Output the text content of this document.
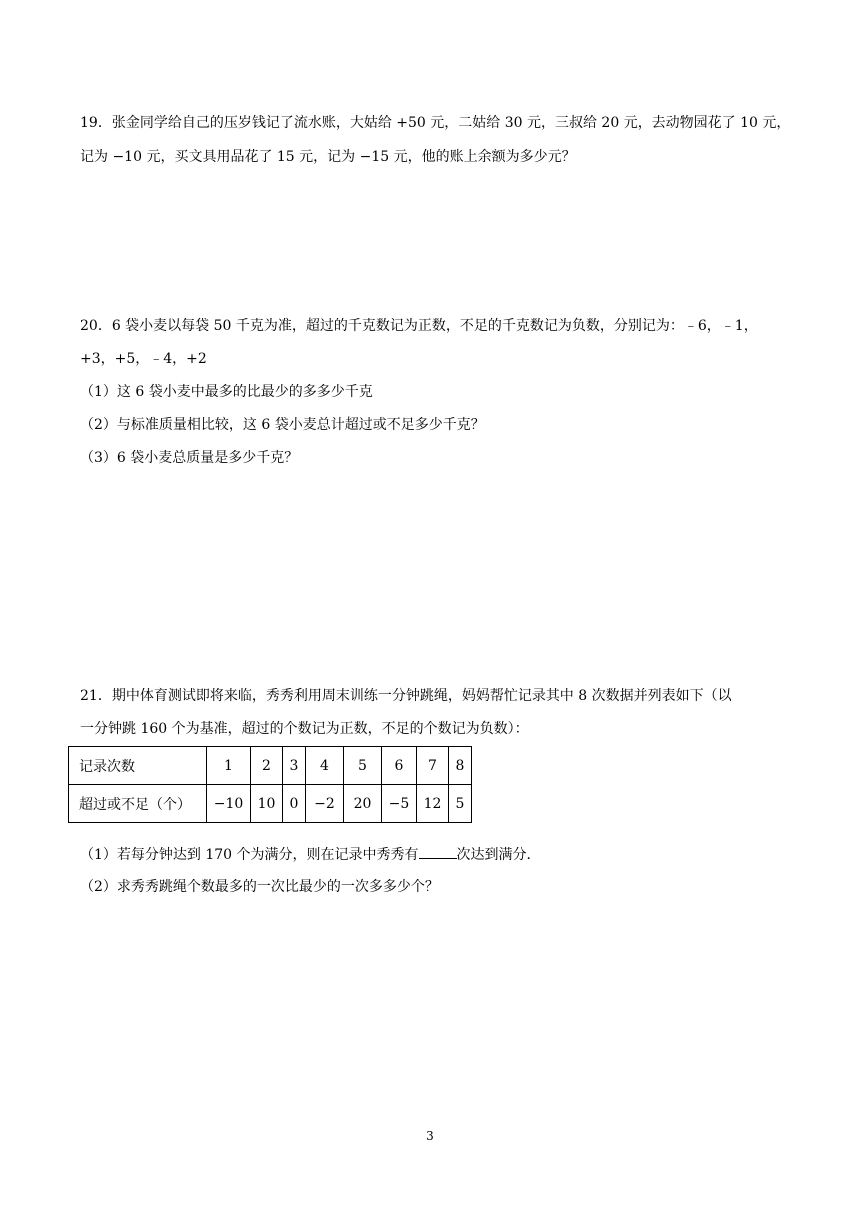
19．张金同学给自己的压岁钱记了流水账，大姑给 +50 元，二姑给 30 元，三叔给 20 元，去动物园花了 10 元，
记为 −10 元，买文具用品花了 15 元，记为 −15 元，他的账上余额为多少元？
20．6 袋小麦以每袋 50 千克为准，超过的千克数记为正数，不足的千克数记为负数，分别记为：﹣6，﹣1，
+3，+5，﹣4，+2
（1）这 6 袋小麦中最多的比最少的多多少千克
（2）与标准质量相比较，这 6 袋小麦总计超过或不足多少千克？
（3）6 袋小麦总质量是多少千克？
21．期中体育测试即将来临，秀秀利用周末训练一分钟跳绳，妈妈帮忙记录其中 8 次数据并列表如下（以
一分钟跳 160 个为基准，超过的个数记为正数，不足的个数记为负数）：
记录次数	1	2	3	4	5	6	7	8
超过或不足（个）	−10	10	0	−2	20	−5	12	5
（1）若每分钟达到 170 个为满分，则在记录中秀秀有	次达到满分．
（2）求秀秀跳绳个数最多的一次比最少的一次多多少个？
3
